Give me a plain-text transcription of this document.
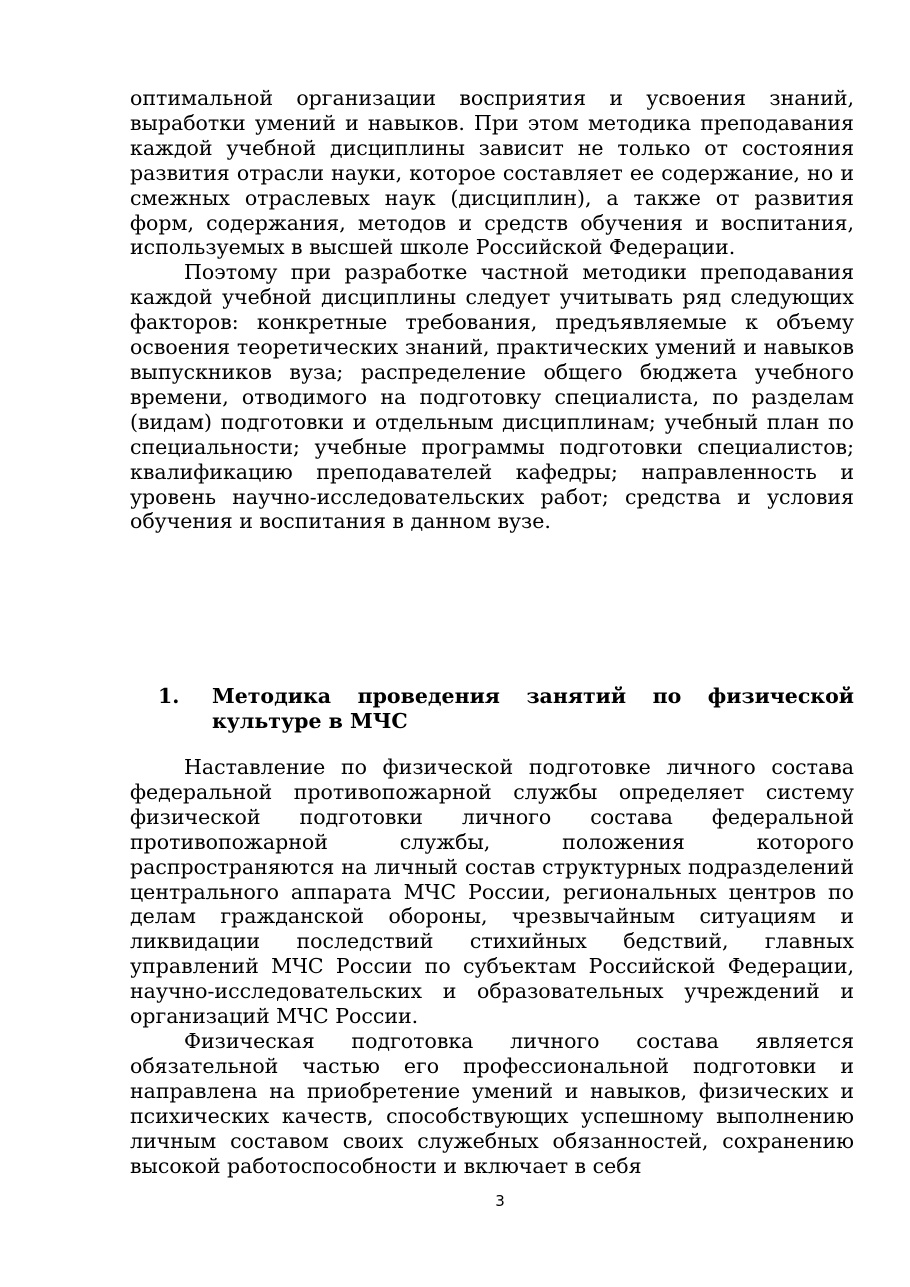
оптимальной организации восприятия и усвоения знаний, выработки умений и навыков. При этом методика преподавания каждой учебной дисциплины зависит не только от состояния развития отрасли науки, которое составляет ее содержание, но и смежных отраслевых наук (дисциплин), а также от развития форм, содержания, методов и средств обучения и воспитания, используемых в высшей школе Российской Федерации.

Поэтому при разработке частной методики преподавания каждой учебной дисциплины следует учитывать ряд следующих факторов: конкретные требования, предъявляемые к объему освоения теоретических знаний, практических умений и навыков выпускников вуза; распределение общего бюджета учебного времени, отводимого на подготовку специалиста, по разделам (видам) подготовки и отдельным дисциплинам; учебный план по специальности; учебные программы подготовки специалистов; квалификацию преподавателей кафедры; направленность и уровень научно-исследовательских работ; средства и условия обучения и воспитания в данном вузе.

1. Методика проведения занятий по физической культуре в МЧС

Наставление по физической подготовке личного состава федеральной противопожарной службы определяет систему физической подготовки личного состава федеральной противопожарной службы, положения которого распространяются на личный состав структурных подразделений центрального аппарата МЧС России, региональных центров по делам гражданской обороны, чрезвычайным ситуациям и ликвидации последствий стихийных бедствий, главных управлений МЧС России по субъектам Российской Федерации, научно-исследовательских и образовательных учреждений и организаций МЧС России.

Физическая подготовка личного состава является обязательной частью его профессиональной подготовки и направлена на приобретение умений и навыков, физических и психических качеств, способствующих успешному выполнению личным составом своих служебных обязанностей, сохранению высокой работоспособности и включает в себя

3
